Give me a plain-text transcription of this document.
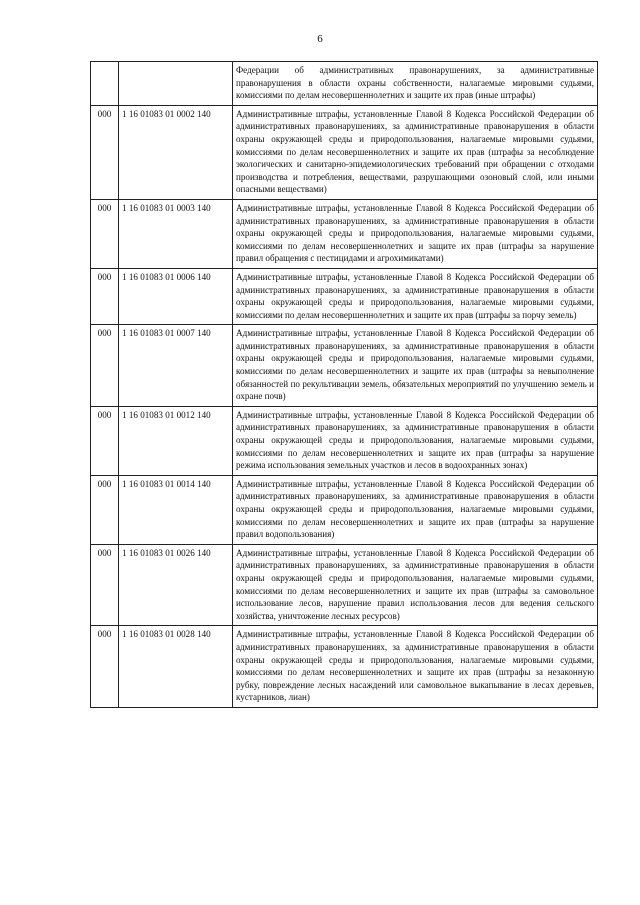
6
		Федерации об административных правонарушениях, за административные правонарушения в области охраны собственности, налагаемые мировыми судьями, комиссиями по делам несовершеннолетних и защите их прав (иные штрафы)
000	1 16 01083 01 0002 140	Административные штрафы, установленные Главой 8 Кодекса Российской Федерации об административных правонарушениях, за административные правонарушения в области охраны окружающей среды и природопользования, налагаемые мировыми судьями, комиссиями по делам несовершеннолетних и защите их прав (штрафы за несоблюдение экологических и санитарно-эпидемиологических требований при обращении с отходами производства и потребления, веществами, разрушающими озоновый слой, или иными опасными веществами)
000	1 16 01083 01 0003 140	Административные штрафы, установленные Главой 8 Кодекса Российской Федерации об административных правонарушениях, за административные правонарушения в области охраны окружающей среды и природопользования, налагаемые мировыми судьями, комиссиями по делам несовершеннолетних и защите их прав (штрафы за нарушение правил обращения с пестицидами и агрохимикатами)
000	1 16 01083 01 0006 140	Административные штрафы, установленные Главой 8 Кодекса Российской Федерации об административных правонарушениях, за административные правонарушения в области охраны окружающей среды и природопользования, налагаемые мировыми судьями, комиссиями по делам несовершеннолетних и защите их прав (штрафы за порчу земель)
000	1 16 01083 01 0007 140	Административные штрафы, установленные Главой 8 Кодекса Российской Федерации об административных правонарушениях, за административные правонарушения в области охраны окружающей среды и природопользования, налагаемые мировыми судьями, комиссиями по делам несовершеннолетних и защите их прав (штрафы за невыполнение обязанностей по рекультивации земель, обязательных мероприятий по улучшению земель и охране почв)
000	1 16 01083 01 0012 140	Административные штрафы, установленные Главой 8 Кодекса Российской Федерации об административных правонарушениях, за административные правонарушения в области охраны окружающей среды и природопользования, налагаемые мировыми судьями, комиссиями по делам несовершеннолетних и защите их прав (штрафы за нарушение режима использования земельных участков и лесов в водоохранных зонах)
000	1 16 01083 01 0014 140	Административные штрафы, установленные Главой 8 Кодекса Российской Федерации об административных правонарушениях, за административные правонарушения в области охраны окружающей среды и природопользования, налагаемые мировыми судьями, комиссиями по делам несовершеннолетних и защите их прав (штрафы за нарушение правил водопользования)
000	1 16 01083 01 0026 140	Административные штрафы, установленные Главой 8 Кодекса Российской Федерации об административных правонарушениях, за административные правонарушения в области охраны окружающей среды и природопользования, налагаемые мировыми судьями, комиссиями по делам несовершеннолетних и защите их прав (штрафы за самовольное использование лесов, нарушение правил использования лесов для ведения сельского хозяйства, уничтожение лесных ресурсов)
000	1 16 01083 01 0028 140	Административные штрафы, установленные Главой 8 Кодекса Российской Федерации об административных правонарушениях, за административные правонарушения в области охраны окружающей среды и природопользования, налагаемые мировыми судьями, комиссиями по делам несовершеннолетних и защите их прав (штрафы за незаконную рубку, повреждение лесных насаждений или самовольное выкапывание в лесах деревьев, кустарников, лиан)
